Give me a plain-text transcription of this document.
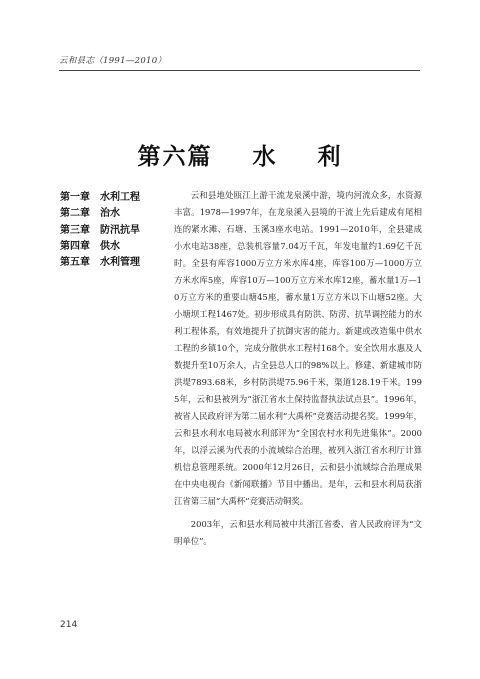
云和县志（1991—2010）
第六篇    水    利
第一章 水利工程
第二章 治水
第三章 防汛抗旱
第四章 供水
第五章 水利管理

云和县地处瓯江上游干流龙泉溪中游，境内河流众多，水资源丰富。1978—1997年，在龙泉溪入县境的干流上先后建成有尾相连的紧水滩、石塘、玉溪3座水电站。1991—2010年，全县建成小水电站38座，总装机容量7.04万千瓦，年发电量约1.69亿千瓦时。全县有库容1000万立方米水库4座，库容100万—1000万立方米水库5座，库容10万—100万立方米水库12座，蓄水量1万—10万立方米的重要山塘45座，蓄水量1万立方米以下山塘52座。大小塘坝工程1467处。初步形成具有防洪、防涝、抗旱调控能力的水利工程体系，有效地提升了抗御灾害的能力。新建或改造集中供水工程的乡镇10个，完成分散供水工程村168个。安全饮用水惠及人数提升至10万余人，占全县总人口的98%以上。修建、新建城市防洪堤7893.68米，乡村防洪堤75.96千米，渠道128.19千米。1995年，云和县被列为“浙江省水土保持监督执法试点县”。1996年，被省人民政府评为第二届水利“大禹杯”竞赛活动提名奖。1999年，云和县水利水电局被水利部评为“全国农村水利先进集体”。2000年，以浮云溪为代表的小流域综合治理，被列入浙江省水利厅计算机信息管理系统。2000年12月26日，云和县小流域综合治理成果在中央电视台《新闻联播》节目中播出。是年，云和县水利局获浙江省第三届“大禹杯”竞赛活动铜奖。

2003年，云和县水利局被中共浙江省委、省人民政府评为“文明单位”。

214
